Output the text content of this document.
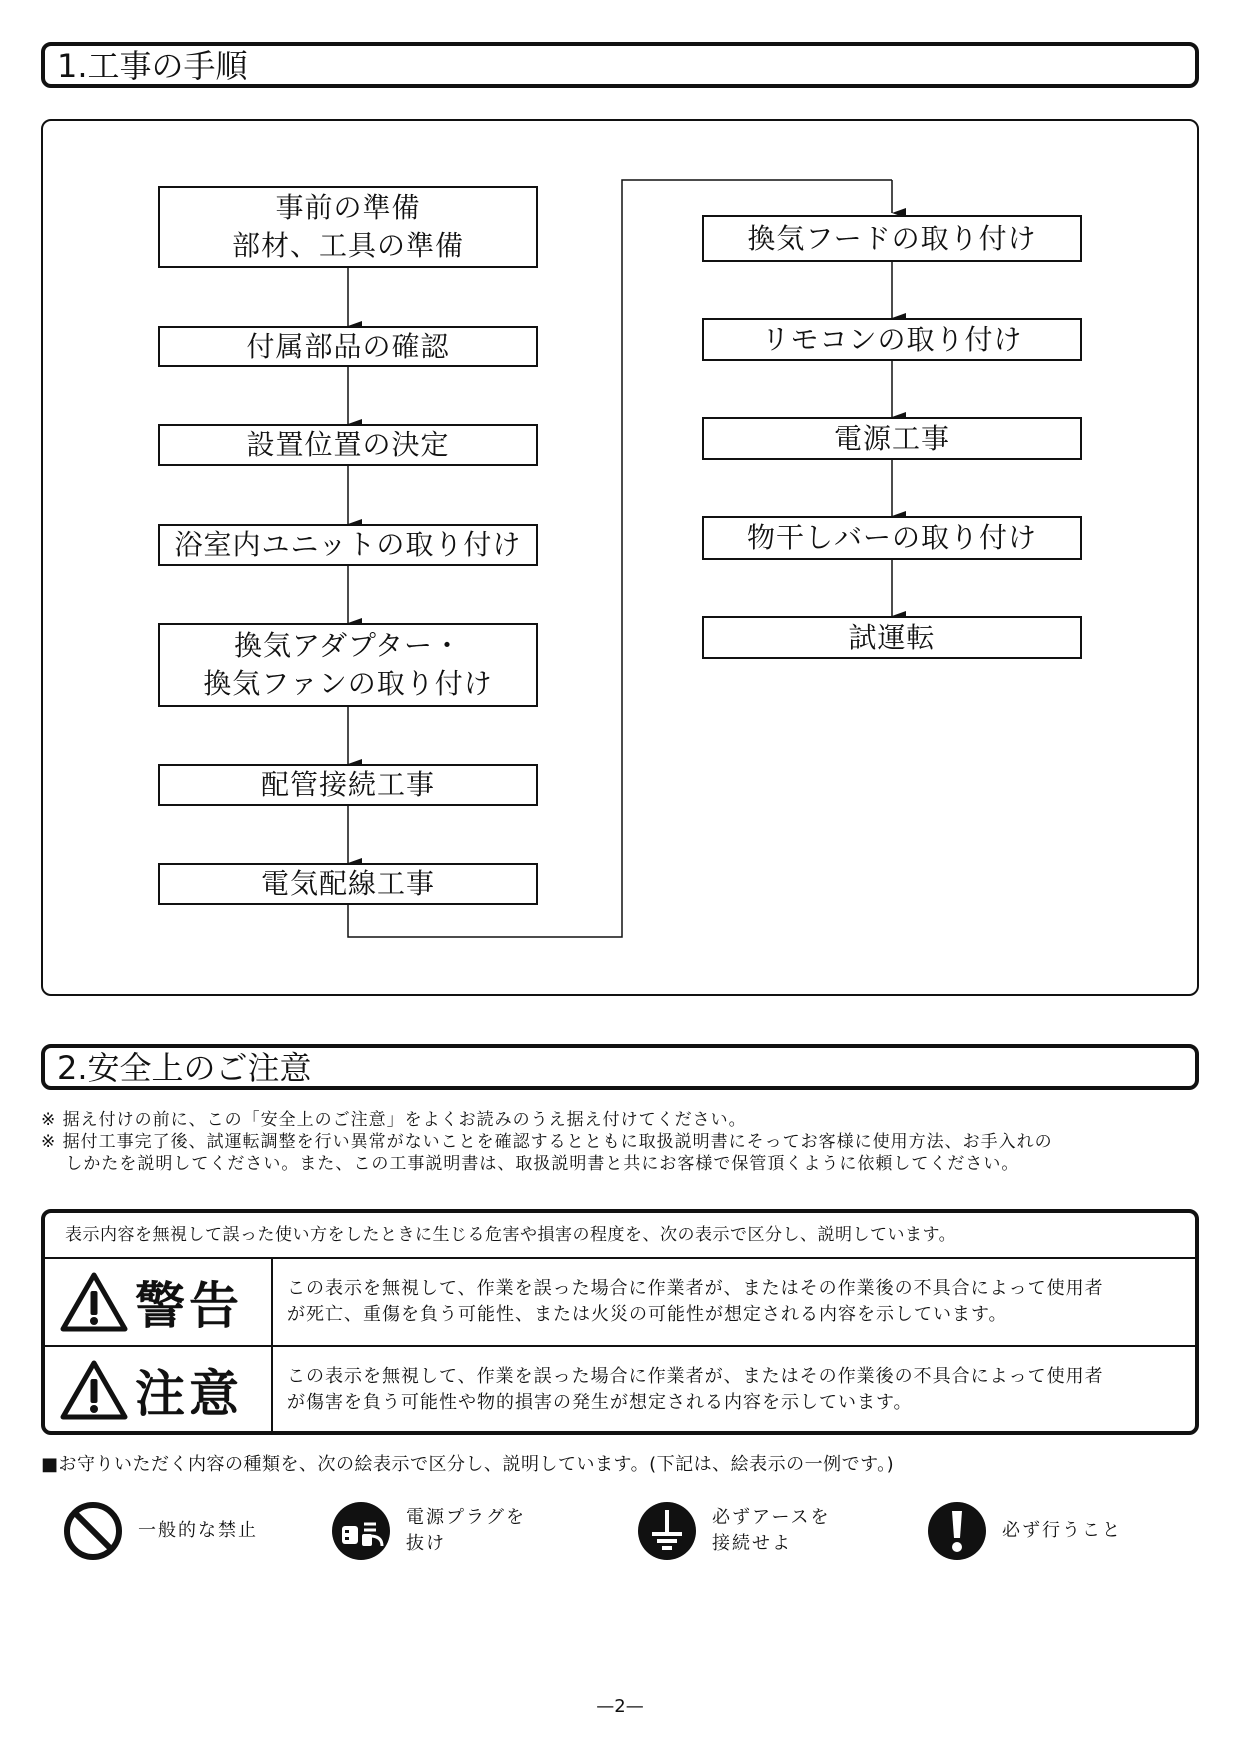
1.工事の手順
事前の準備
部材、工具の準備
付属部品の確認
設置位置の決定
浴室内ユニットの取り付け
換気アダプター・
換気ファンの取り付け
配管接続工事
電気配線工事
換気フードの取り付け
リモコンの取り付け
電源工事
物干しバーの取り付け
試運転
2.安全上のご注意
※ 据え付けの前に、この「安全上のご注意」をよくお読みのうえ据え付けてください。
※ 据付工事完了後、試運転調整を行い異常がないことを確認するとともに取扱説明書にそってお客様に使用方法、お手入れの
　 しかたを説明してください。また、この工事説明書は、取扱説明書と共にお客様で保管頂くように依頼してください。
表示内容を無視して誤った使い方をしたときに生じる危害や損害の程度を、次の表示で区分し、説明しています。
警告 この表示を無視して、作業を誤った場合に作業者が、またはその作業後の不具合によって使用者
が死亡、重傷を負う可能性、または火災の可能性が想定される内容を示しています。
注意 この表示を無視して、作業を誤った場合に作業者が、またはその作業後の不具合によって使用者
が傷害を負う可能性や物的損害の発生が想定される内容を示しています。
■お守りいただく内容の種類を、次の絵表示で区分し、説明しています。(下記は、絵表示の一例です。)
一般的な禁止
電源プラグを
抜け
必ずアースを
接続せよ
必ず行うこと
—2—
